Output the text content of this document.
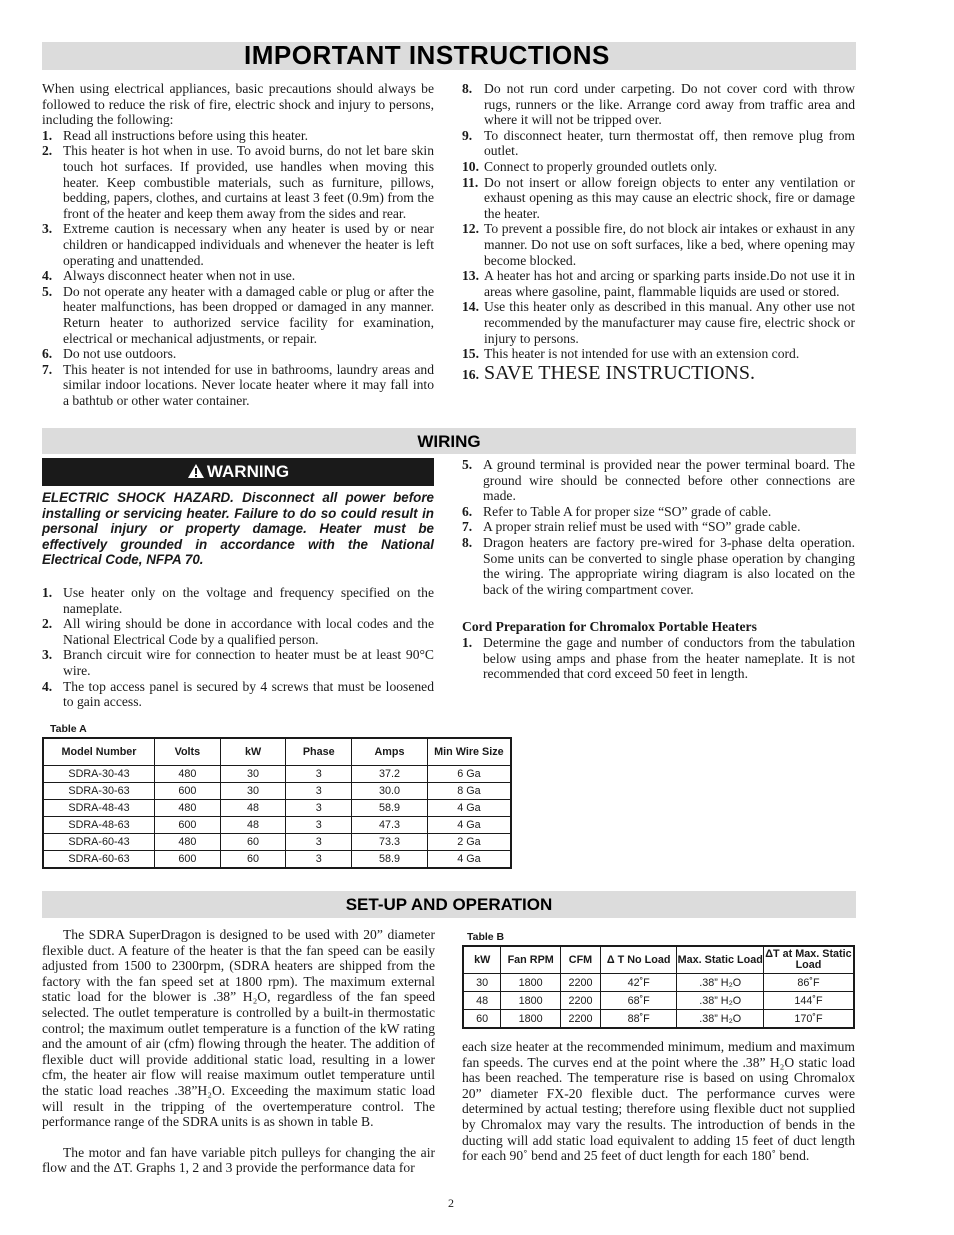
IMPORTANT INSTRUCTIONS

When using electrical appliances, basic precautions should always be followed to reduce the risk of fire, electric shock and injury to persons, including the following:

1. Read all instructions before using this heater.
2. This heater is hot when in use. To avoid burns, do not let bare skin touch hot surfaces. If provided, use handles when moving this heater. Keep combustible materials, such as furniture, pillows, bedding, papers, clothes, and curtains at least 3 feet (0.9m) from the front of the heater and keep them away from the sides and rear.
3. Extreme caution is necessary when any heater is used by or near children or handicapped individuals and whenever the heater is left operating and unattended.
4. Always disconnect heater when not in use.
5. Do not operate any heater with a damaged cable or plug or after the heater malfunctions, has been dropped or damaged in any manner. Return heater to authorized service facility for examination, electrical or mechanical adjustments, or repair.
6. Do not use outdoors.
7. This heater is not intended for use in bathrooms, laundry areas and similar indoor locations. Never locate heater where it may fall into a bathtub or other water container.
8. Do not run cord under carpeting. Do not cover cord with throw rugs, runners or the like. Arrange cord away from traffic area and where it will not be tripped over.
9. To disconnect heater, turn thermostat off, then remove plug from outlet.
10. Connect to properly grounded outlets only.
11. Do not insert or allow foreign objects to enter any ventilation or exhaust opening as this may cause an electric shock, fire or damage the heater.
12. To prevent a possible fire, do not block air intakes or exhaust in any manner. Do not use on soft surfaces, like a bed, where opening may become blocked.
13. A heater has hot and arcing or sparking parts inside.Do not use it in areas where gasoline, paint, flammable liquids are used or stored.
14. Use this heater only as described in this manual. Any other use not recommended by the manufacturer may cause fire, electric shock or injury to persons.
15. This heater is not intended for use with an extension cord.
16. SAVE THESE INSTRUCTIONS.
WIRING
WARNING
ELECTRIC SHOCK HAZARD. Disconnect all power before installing or servicing heater. Failure to do so could result in personal injury or property damage. Heater must be effectively grounded in accordance with the National Electrical Code, NFPA 70.
1. Use heater only on the voltage and frequency specified on the nameplate.
2. All wiring should be done in accordance with local codes and the National Electrical Code by a qualified person.
3. Branch circuit wire for connection to heater must be at least 90°C wire.
4. The top access panel is secured by 4 screws that must be loosened to gain access.
5. A ground terminal is provided near the power terminal board. The ground wire should be connected before other connections are made.
6. Refer to Table A for proper size “SO” grade of cable.
7. A proper strain relief must be used with “SO” grade cable.
8. Dragon heaters are factory pre-wired for 3-phase delta operation. Some units can be converted to single phase operation by changing the wiring. The appropriate wiring diagram is also located on the back of the wiring compartment cover.
Cord Preparation for Chromalox Portable Heaters
1. Determine the gage and number of conductors from the tabulation below using amps and phase from the heater nameplate. It is not recommended that cord exceed 50 feet in length.
Table A
Model Number	Volts	kW	Phase	Amps	Min Wire Size
SDRA-30-43	480	30	3	37.2	6 Ga
SDRA-30-63	600	30	3	30.0	8 Ga
SDRA-48-43	480	48	3	58.9	4 Ga
SDRA-48-63	600	48	3	47.3	4 Ga
SDRA-60-43	480	60	3	73.3	2 Ga
SDRA-60-63	600	60	3	58.9	4 Ga
SET-UP AND OPERATION

The SDRA SuperDragon is designed to be used with 20” diameter flexible duct. A feature of the heater is that the fan speed can be easily adjusted from 1500 to 2300rpm, (SDRA heaters are shipped from the factory with the fan speed set at 1800 rpm). The maximum external static load for the blower is .38” H₂O, regardless of the fan speed selected. The outlet temperature is controlled by a built-in thermostatic control; the maximum outlet temperature is a function of the kW rating and the amount of air (cfm) flowing through the heater. The addition of flexible duct will provide additional static load, resulting in a lower cfm, the heater air flow will reaise maximum outlet temperature until the static load reaches .38”H₂O. Exceeding the maximum static load will result in the tripping of the overtemperature control. The performance range of the SDRA units is as shown in table B.

The motor and fan have variable pitch pulleys for changing the air flow and the ΔT. Graphs 1, 2 and 3 provide the performance data for

Table B
kW	Fan RPM	CFM	Δ T No Load	Max. Static Load	ΔT at Max. Static Load
30	1800	2200	42˚F	.38” H₂O	86˚F
48	1800	2200	68˚F	.38” H₂O	144˚F
60	1800	2200	88˚F	.38” H₂O	170˚F

each size heater at the recommended minimum, medium and maximum fan speeds. The curves end at the point where the .38” H₂O static load has been reached. The temperature rise is based on using Chromalox 20” diameter FX-20 flexible duct. The performance curves were determined by actual testing; therefore using flexible duct not supplied by Chromalox may vary the results. The introduction of bends in the ducting will add static load equivalent to adding 15 feet of duct length for each 90˚ bend and 25 feet of duct length for each 180˚ bend.

2
